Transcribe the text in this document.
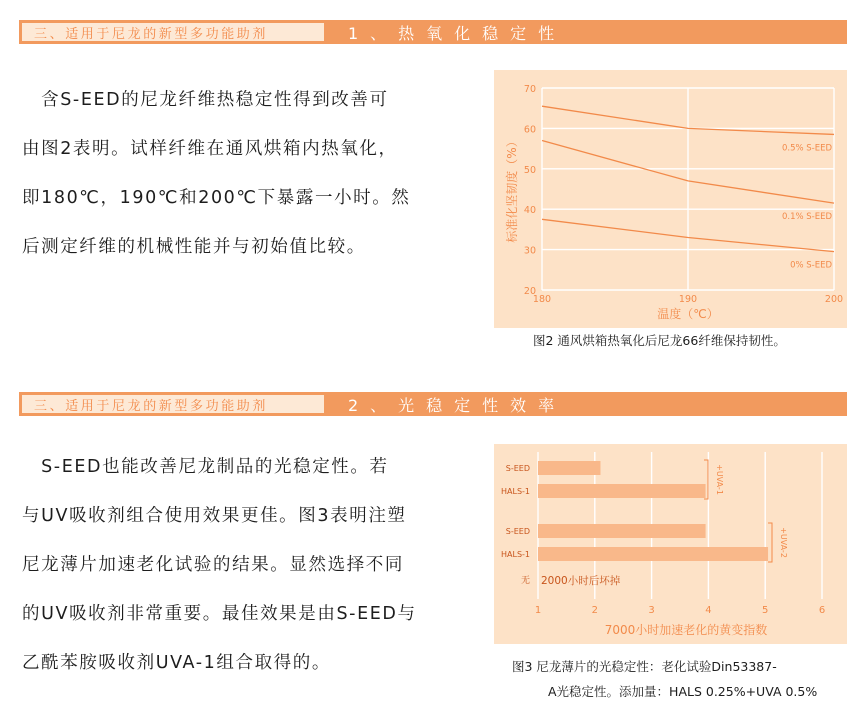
三、适用于尼龙的新型多功能助剂	1、热氧化稳定性
　含S-EED的尼龙纤维热稳定性得到改善可
由图2表明。试样纤维在通风烘箱内热氧化，
即180℃，190℃和200℃下暴露一小时。然
后测定纤维的机械性能并与初始值比较。
20
30
40
50
60
70
180	190	200
温度（℃）
标准化坚韧度（%）	0.5% S-EED
0.1% S-EED
0% S-EED
图2 通风烘箱热氧化后尼龙66纤维保持韧性。
三、适用于尼龙的新型多功能助剂	2、光稳定性效率
　S-EED也能改善尼龙制品的光稳定性。若
与UV吸收剂组合使用效果更佳。图3表明注塑
尼龙薄片加速老化试验的结果。显然选择不同
的UV吸收剂非常重要。最佳效果是由S-EED与
乙酰苯胺吸收剂UVA-1组合取得的。
1	2	3	4	5	6
7000小时加速老化的黄变指数
S-EED
HALS-1	+UVA-1
S-EED
HALS-1	+UVA-2
无 2000小时后坏掉
图3 尼龙薄片的光稳定性：老化试验Din53387-
A光稳定性。添加量：HALS 0.25%+UVA 0.5%
